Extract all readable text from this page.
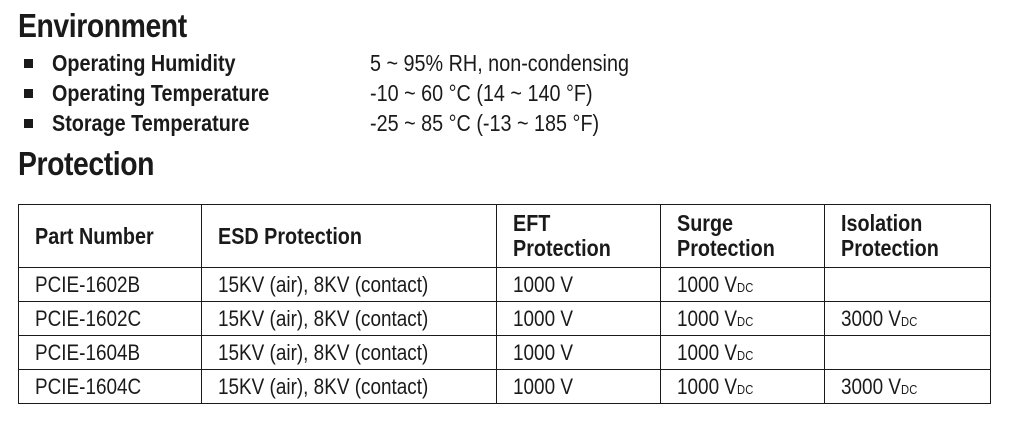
Environment
Operating Humidity	5 ~ 95% RH, non-condensing
Operating Temperature	-10 ~ 60 °C (14 ~ 140 °F)
Storage Temperature	-25 ~ 85 °C (-13 ~ 185 °F)
Protection
Part Number	ESD Protection	EFT Protection	Surge Protection	Isolation Protection
PCIE-1602B	15KV (air), 8KV (contact)	1000 V	1000 VDC	
PCIE-1602C	15KV (air), 8KV (contact)	1000 V	1000 VDC	3000 VDC
PCIE-1604B	15KV (air), 8KV (contact)	1000 V	1000 VDC	
PCIE-1604C	15KV (air), 8KV (contact)	1000 V	1000 VDC	3000 VDC
